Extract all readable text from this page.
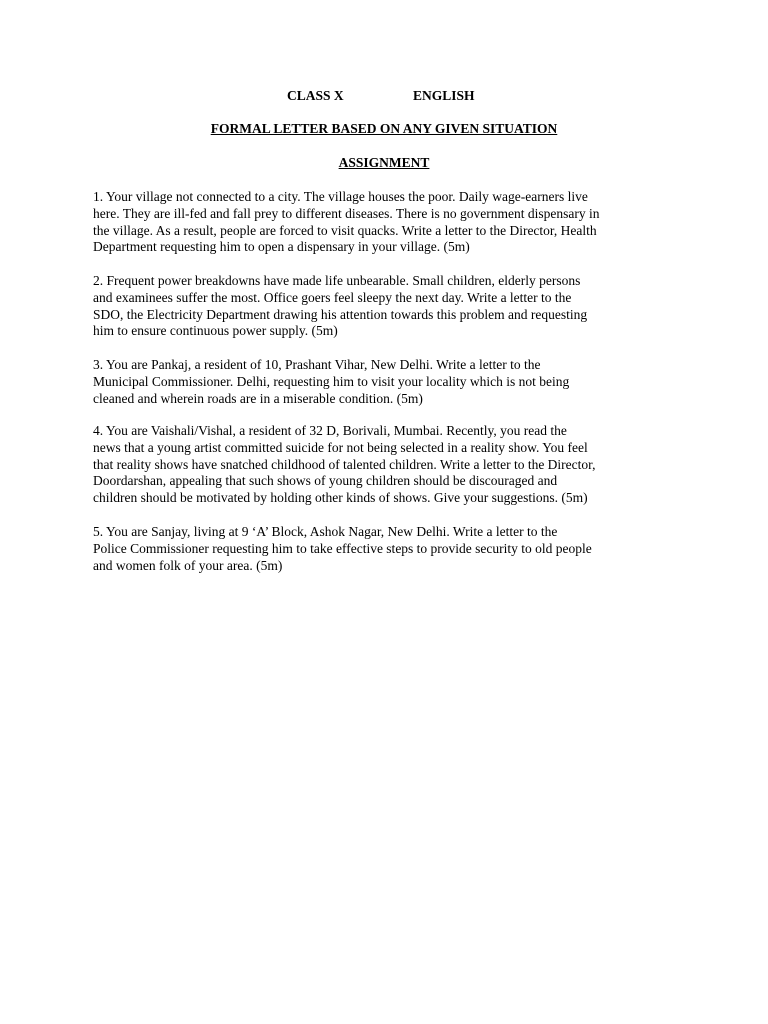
CLASS X	ENGLISH
FORMAL LETTER BASED ON ANY GIVEN SITUATION
ASSIGNMENT
1. Your village not connected to a city. The village houses the poor. Daily wage-earners live
here. They are ill-fed and fall prey to different diseases. There is no government dispensary in
the village. As a result, people are forced to visit quacks. Write a letter to the Director, Health
Department requesting him to open a dispensary in your village. (5m)
2. Frequent power breakdowns have made life unbearable. Small children, elderly persons
and examinees suffer the most. Office goers feel sleepy the next day. Write a letter to the
SDO, the Electricity Department drawing his attention towards this problem and requesting
him to ensure continuous power supply. (5m)
3. You are Pankaj, a resident of 10, Prashant Vihar, New Delhi. Write a letter to the
Municipal Commissioner. Delhi, requesting him to visit your locality which is not being
cleaned and wherein roads are in a miserable condition. (5m)
4. You are Vaishali/Vishal, a resident of 32 D, Borivali, Mumbai. Recently, you read the
news that a young artist committed suicide for not being selected in a reality show. You feel
that reality shows have snatched childhood of talented children. Write a letter to the Director,
Doordarshan, appealing that such shows of young children should be discouraged and
children should be motivated by holding other kinds of shows. Give your suggestions. (5m)
5. You are Sanjay, living at 9 ‘A’ Block, Ashok Nagar, New Delhi. Write a letter to the
Police Commissioner requesting him to take effective steps to provide security to old people
and women folk of your area. (5m)
